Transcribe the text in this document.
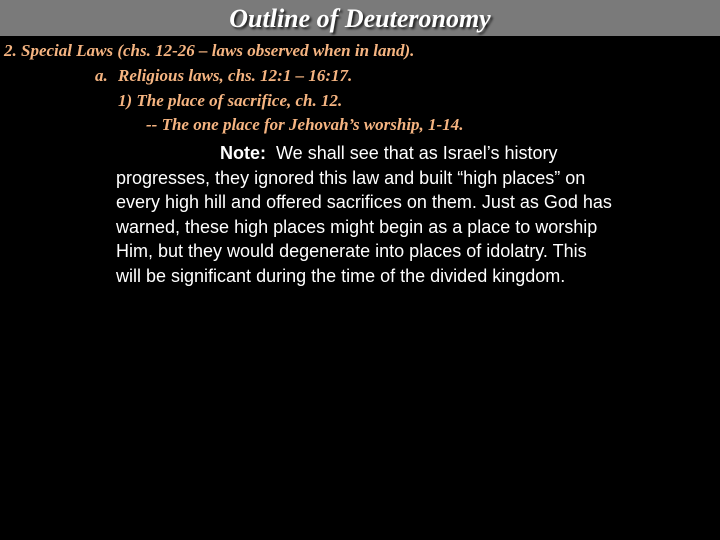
Outline of Deuteronomy
2. Special Laws (chs. 12-26 – laws observed when in land).
a. Religious laws, chs. 12:1 – 16:17.
1) The place of sacrifice, ch. 12.
-- The one place for Jehovah’s worship, 1-14.
Note: We shall see that as Israel’s history
progresses, they ignored this law and built “high places” on
every high hill and offered sacrifices on them. Just as God has
warned, these high places might begin as a place to worship
Him, but they would degenerate into places of idolatry. This
will be significant during the time of the divided kingdom.
